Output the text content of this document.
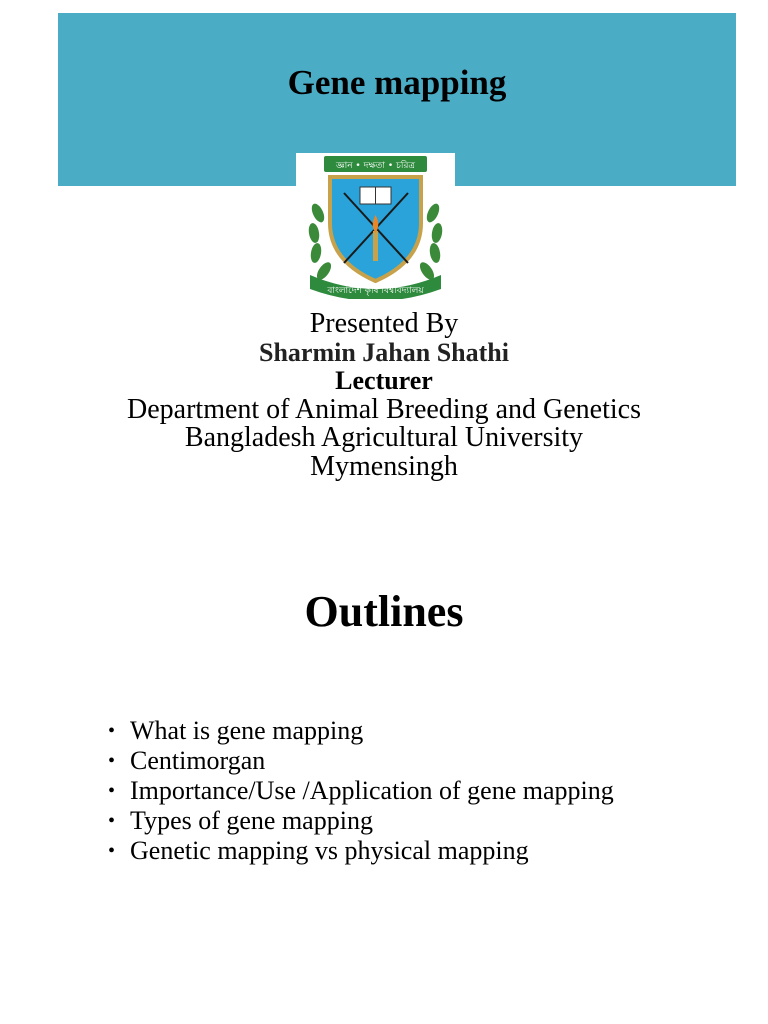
Gene mapping
জ্ঞান • দক্ষতা • চরিত্র
বাংলাদেশ কৃষি বিশ্ববিদ্যালয়
Presented By
Sharmin Jahan Shathi
Lecturer
Department of Animal Breeding and Genetics
Bangladesh Agricultural University
Mymensingh
Outlines
• What is gene mapping
• Centimorgan
• Importance/Use /Application of gene mapping
• Types of gene mapping
• Genetic mapping vs physical mapping
